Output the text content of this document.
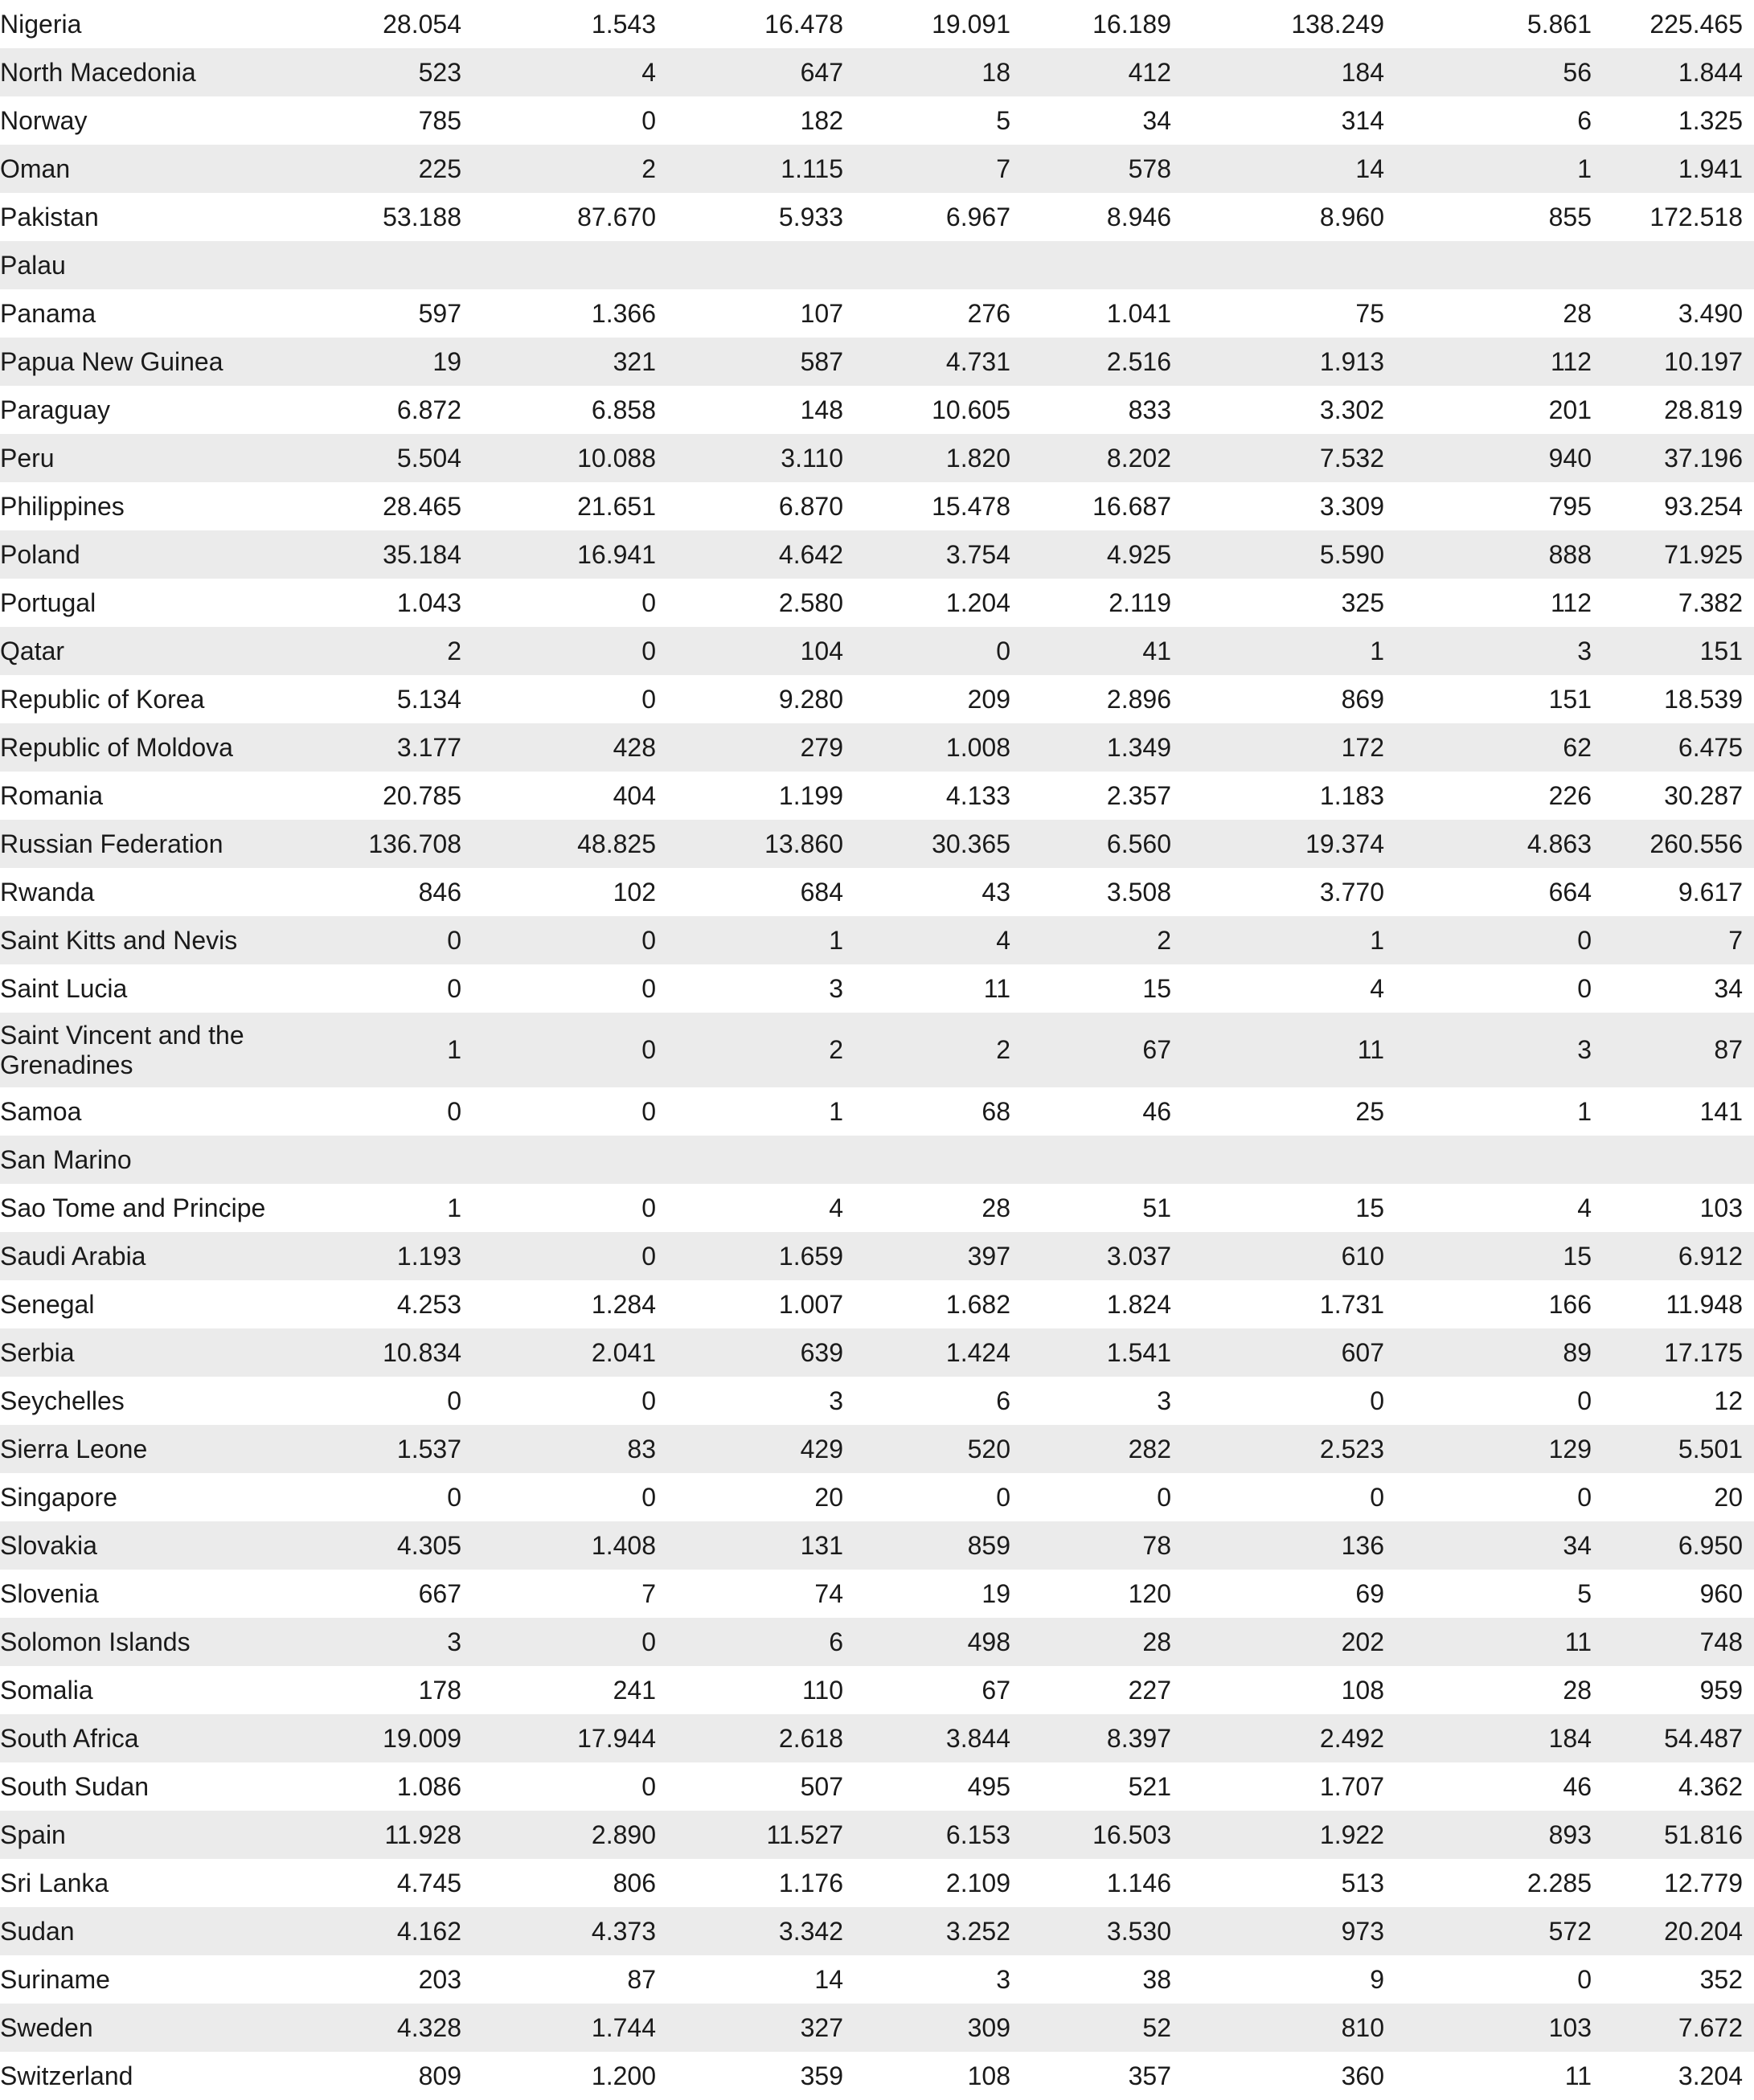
Nigeria	28.054	1.543	16.478	19.091	16.189	138.249	5.861	225.465
North Macedonia	523	4	647	18	412	184	56	1.844
Norway	785	0	182	5	34	314	6	1.325
Oman	225	2	1.115	7	578	14	1	1.941
Pakistan	53.188	87.670	5.933	6.967	8.946	8.960	855	172.518
Palau								
Panama	597	1.366	107	276	1.041	75	28	3.490
Papua New Guinea	19	321	587	4.731	2.516	1.913	112	10.197
Paraguay	6.872	6.858	148	10.605	833	3.302	201	28.819
Peru	5.504	10.088	3.110	1.820	8.202	7.532	940	37.196
Philippines	28.465	21.651	6.870	15.478	16.687	3.309	795	93.254
Poland	35.184	16.941	4.642	3.754	4.925	5.590	888	71.925
Portugal	1.043	0	2.580	1.204	2.119	325	112	7.382
Qatar	2	0	104	0	41	1	3	151
Republic of Korea	5.134	0	9.280	209	2.896	869	151	18.539
Republic of Moldova	3.177	428	279	1.008	1.349	172	62	6.475
Romania	20.785	404	1.199	4.133	2.357	1.183	226	30.287
Russian Federation	136.708	48.825	13.860	30.365	6.560	19.374	4.863	260.556
Rwanda	846	102	684	43	3.508	3.770	664	9.617
Saint Kitts and Nevis	0	0	1	4	2	1	0	7
Saint Lucia	0	0	3	11	15	4	0	34
Saint Vincent and the Grenadines	1	0	2	2	67	11	3	87
Samoa	0	0	1	68	46	25	1	141
San Marino								
Sao Tome and Principe	1	0	4	28	51	15	4	103
Saudi Arabia	1.193	0	1.659	397	3.037	610	15	6.912
Senegal	4.253	1.284	1.007	1.682	1.824	1.731	166	11.948
Serbia	10.834	2.041	639	1.424	1.541	607	89	17.175
Seychelles	0	0	3	6	3	0	0	12
Sierra Leone	1.537	83	429	520	282	2.523	129	5.501
Singapore	0	0	20	0	0	0	0	20
Slovakia	4.305	1.408	131	859	78	136	34	6.950
Slovenia	667	7	74	19	120	69	5	960
Solomon Islands	3	0	6	498	28	202	11	748
Somalia	178	241	110	67	227	108	28	959
South Africa	19.009	17.944	2.618	3.844	8.397	2.492	184	54.487
South Sudan	1.086	0	507	495	521	1.707	46	4.362
Spain	11.928	2.890	11.527	6.153	16.503	1.922	893	51.816
Sri Lanka	4.745	806	1.176	2.109	1.146	513	2.285	12.779
Sudan	4.162	4.373	3.342	3.252	3.530	973	572	20.204
Suriname	203	87	14	3	38	9	0	352
Sweden	4.328	1.744	327	309	52	810	103	7.672
Switzerland	809	1.200	359	108	357	360	11	3.204
